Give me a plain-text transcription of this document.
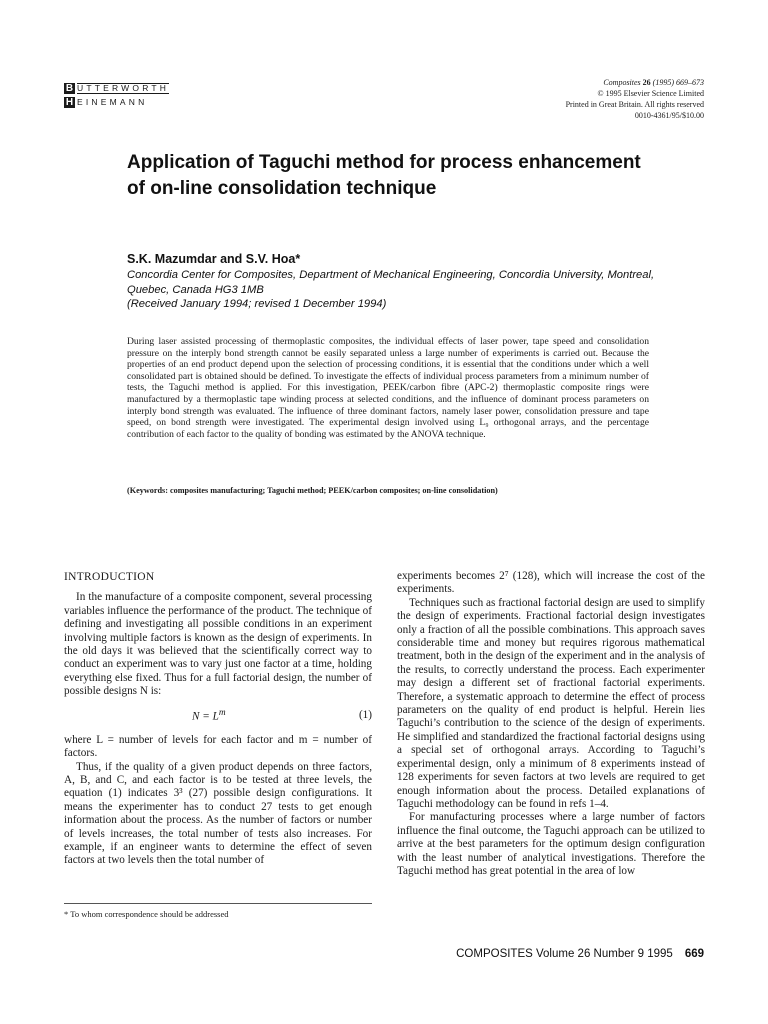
B UTTERWORTH
H EINEMANN
Composites 26 (1995) 669–673
© 1995 Elsevier Science Limited
Printed in Great Britain. All rights reserved
0010-4361/95/$10.00
Application of Taguchi method for process enhancement of on-line consolidation technique
S.K. Mazumdar and S.V. Hoa*
Concordia Center for Composites, Department of Mechanical Engineering, Concordia University, Montreal, Quebec, Canada HG3 1MB
(Received January 1994; revised 1 December 1994)
During laser assisted processing of thermoplastic composites, the individual effects of laser power, tape speed and consolidation pressure on the interply bond strength cannot be easily separated unless a large number of experiments is carried out. Because the properties of an end product depend upon the selection of processing conditions, it is essential that the conditions under which a well consolidated part is obtained should be defined. To investigate the effects of individual process parameters from a minimum number of tests, the Taguchi method is applied. For this investigation, PEEK/carbon fibre (APC-2) thermoplastic composite rings were manufactured by a thermoplastic tape winding process at selected conditions, and the influence of dominant process parameters on interply bond strength was evaluated. The influence of three dominant factors, namely laser power, consolidation pressure and tape speed, on bond strength were investigated. The experimental design involved using L₉ orthogonal arrays, and the percentage contribution of each factor to the quality of bonding was estimated by the ANOVA technique.
(Keywords: composites manufacturing; Taguchi method; PEEK/carbon composites; on-line consolidation)
INTRODUCTION

In the manufacture of a composite component, several processing variables influence the performance of the product. The technique of defining and investigating all possible conditions in an experiment involving multiple factors is known as the design of experiments. In the old days it was believed that the scientifically correct way to conduct an experiment was to vary just one factor at a time, holding everything else fixed. Thus for a full factorial design, the number of possible designs N is:

$N = L^m$	(1)

where L = number of levels for each factor and m = number of factors.

Thus, if the quality of a given product depends on three factors, A, B, and C, and each factor is to be tested at three levels, the equation (1) indicates 3³ (27) possible design configurations. It means the experimenter has to conduct 27 tests to get enough information about the process. As the number of factors or number of levels increases, the total number of tests also increases. For example, if an engineer wants to determine the effect of seven factors at two levels then the total number of

experiments becomes 2⁷ (128), which will increase the cost of the experiments.

Techniques such as fractional factorial design are used to simplify the design of experiments. Fractional factorial design investigates only a fraction of all the possible combinations. This approach saves considerable time and money but requires rigorous mathematical treatment, both in the design of the experiment and in the analysis of the results, to correctly understand the process. Each experimenter may design a different set of fractional factorial experiments. Therefore, a systematic approach to determine the effect of process parameters on the quality of end product is helpful. Herein lies Taguchi’s contribution to the science of the design of experiments. He simplified and standardized the fractional factorial designs using a special set of orthogonal arrays. According to Taguchi’s experimental design, only a minimum of 8 experiments instead of 128 experiments for seven factors at two levels are required to get enough information about the process. Detailed explanations of Taguchi methodology can be found in refs 1–4.

For manufacturing processes where a large number of factors influence the final outcome, the Taguchi approach can be utilized to arrive at the best parameters for the optimum design configuration with the least number of analytical investigations. Therefore the Taguchi method has great potential in the area of low

* To whom correspondence should be addressed
COMPOSITES Volume 26 Number 9 1995 669
